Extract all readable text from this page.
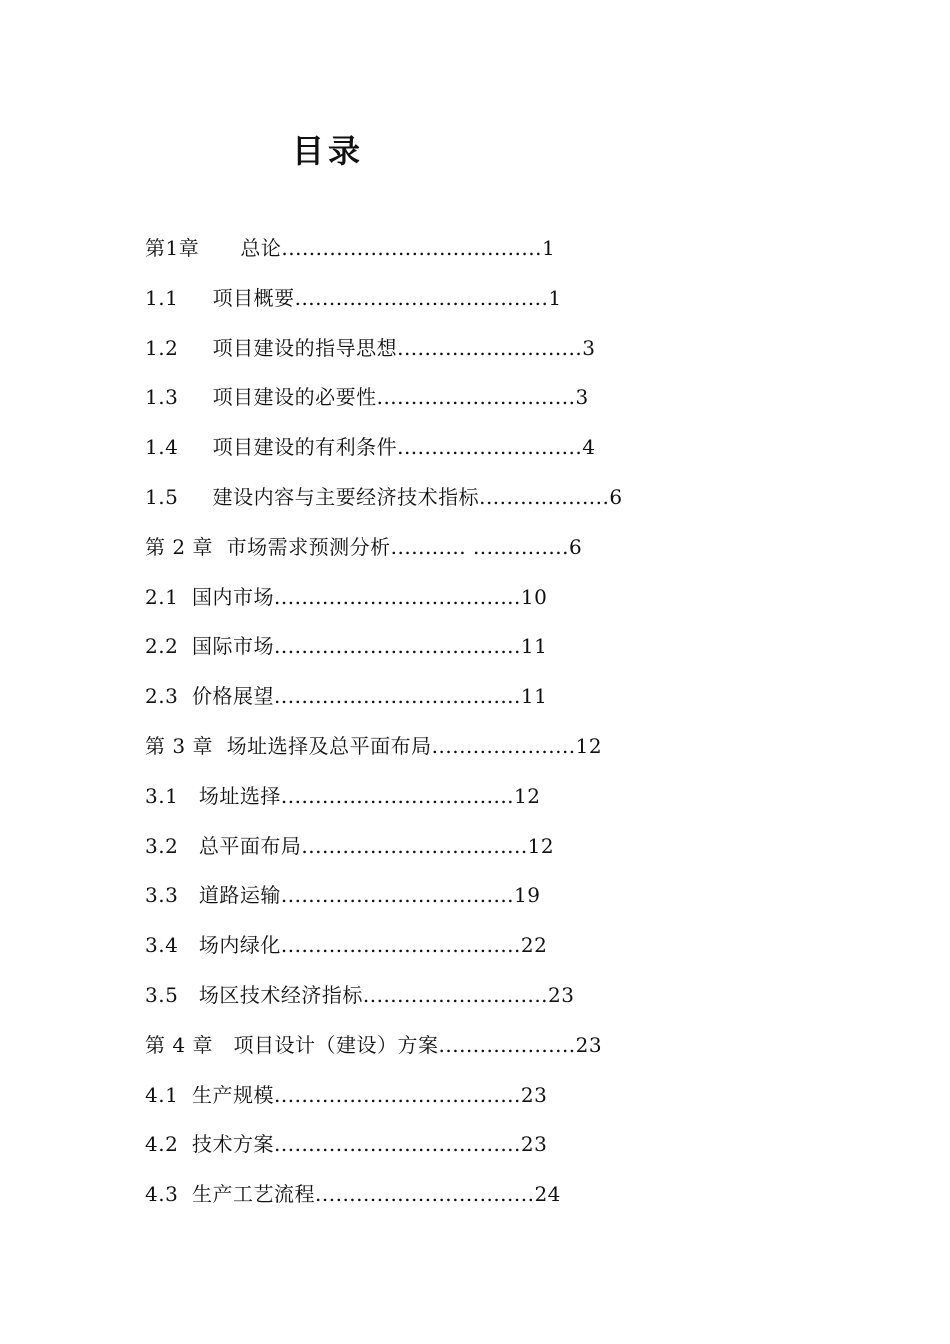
目录
第1章      总论......................................1
1.1     项目概要.....................................1
1.2     项目建设的指导思想...........................3
1.3     项目建设的必要性.............................3
1.4     项目建设的有利条件...........................4
1.5     建设内容与主要经济技术指标...................6
第 2 章  市场需求预测分析........... ..............6
2.1  国内市场....................................10
2.2  国际市场....................................11
2.3  价格展望....................................11
第 3 章  场址选择及总平面布局.....................12
3.1   场址选择..................................12
3.2   总平面布局.................................12
3.3   道路运输..................................19
3.4   场内绿化...................................22
3.5   场区技术经济指标...........................23
第 4 章   项目设计（建设）方案....................23
4.1  生产规模....................................23
4.2  技术方案....................................23
4.3  生产工艺流程................................24
